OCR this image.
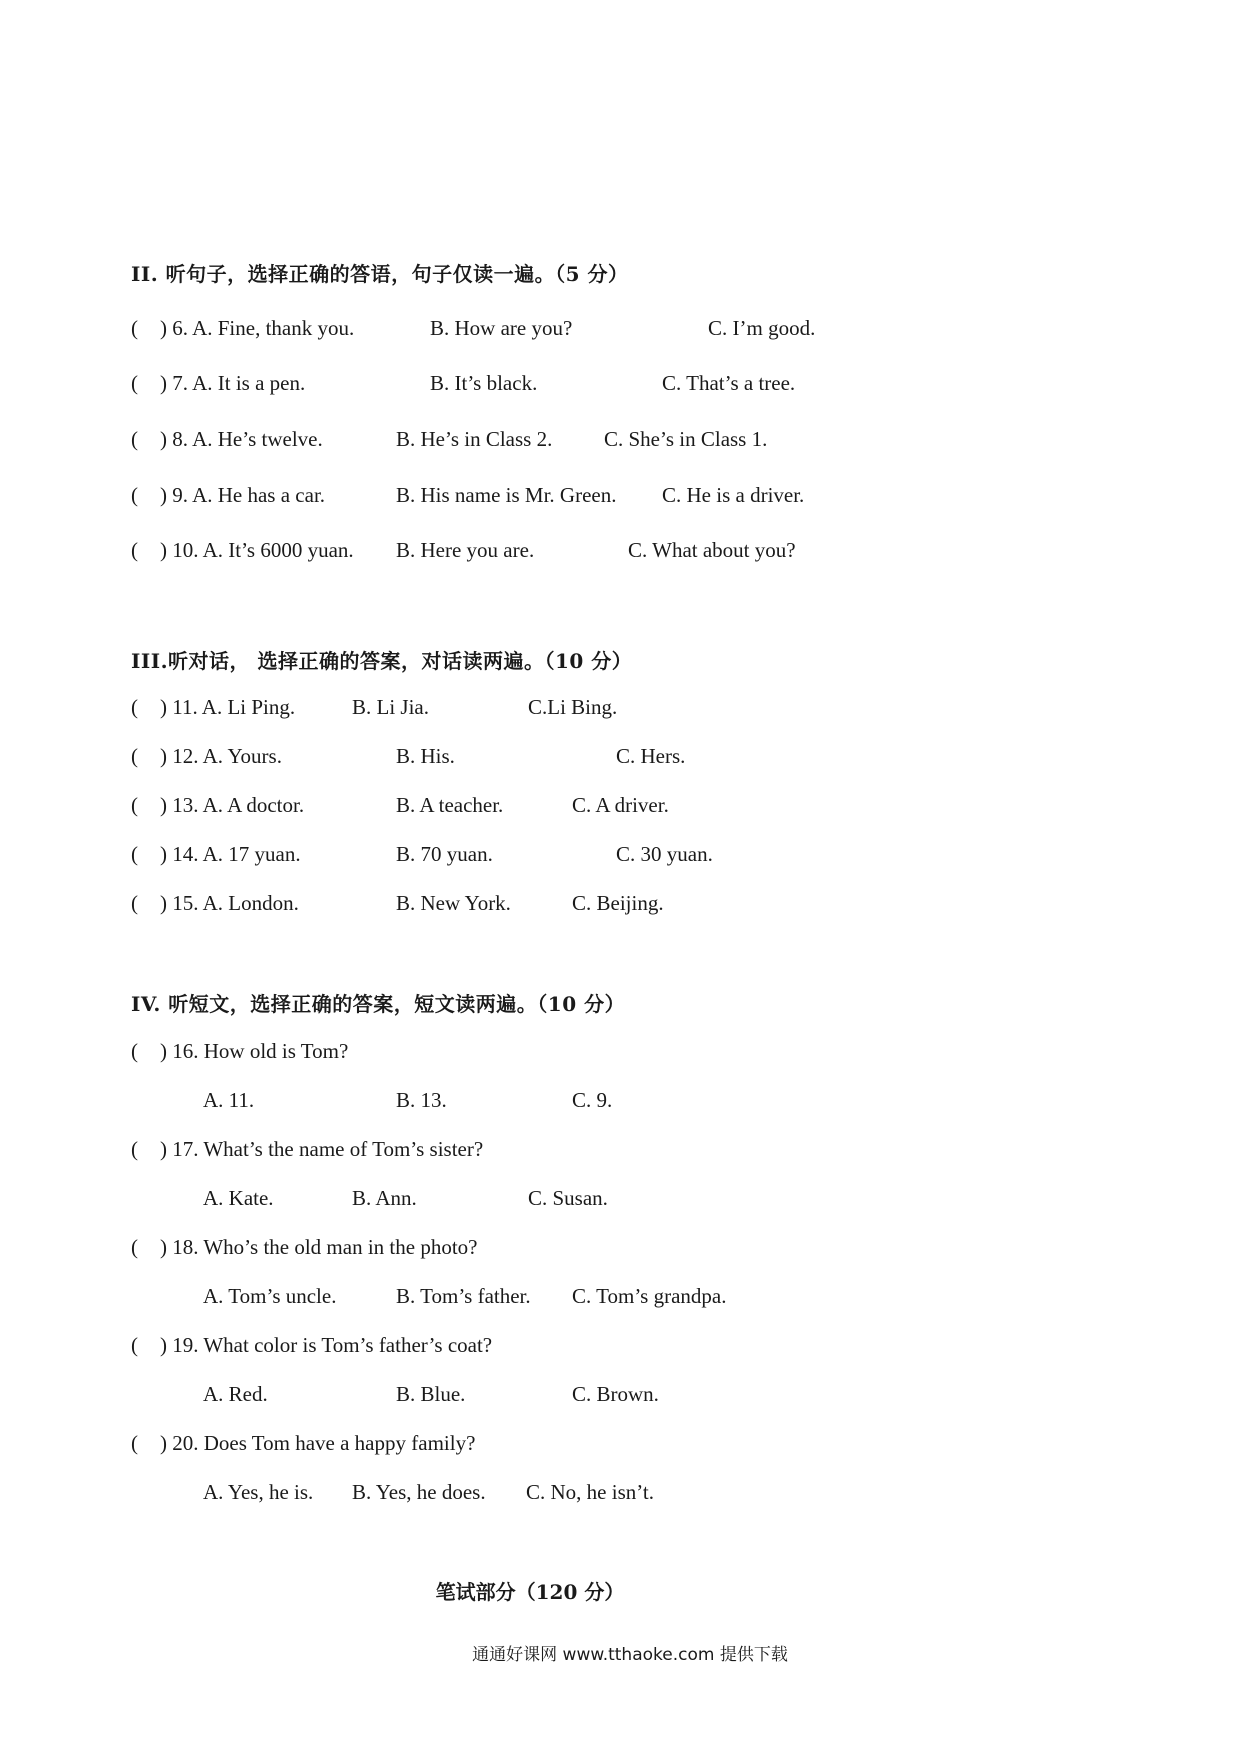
II. 听句子，选择正确的答语，句子仅读一遍。（5 分）
( ) 6. A. Fine, thank you.	B. How are you?	C. I’m good.
( ) 7. A. It is a pen.	B. It’s black.	C. That’s a tree.
( ) 8. A. He’s twelve.	B. He’s in Class 2. C. She’s in Class 1.
( ) 9. A. He has a car.	B. His name is Mr. Green. C. He is a driver.
( ) 10. A. It’s 6000 yuan. B. Here you are.	C. What about you?
III.听对话， 选择正确的答案，对话读两遍。（10 分）
( ) 11. A. Li Ping.	B. Li Jia.	C.Li Bing.
( ) 12. A. Yours.	B. His.	C. Hers.
( ) 13. A. A doctor.	B. A teacher.	C. A driver.
( ) 14. A. 17 yuan.	B. 70 yuan.	C. 30 yuan.
( ) 15. A. London.	B. New York.	C. Beijing.
IV. 听短文，选择正确的答案，短文读两遍。（10 分）
( ) 16. How old is Tom?
A. 11.	B. 13.	C. 9.
( ) 17. What’s the name of Tom’s sister?
A. Kate.	B. Ann.	C. Susan.
( ) 18. Who’s the old man in the photo?
A. Tom’s uncle.	B. Tom’s father. C. Tom’s grandpa.
( ) 19. What color is Tom’s father’s coat?
A. Red.	B. Blue.	C. Brown.
( ) 20. Does Tom have a happy family?
A. Yes, he is. B. Yes, he does. C. No, he isn’t.
笔试部分（120 分）
通通好课网 www.tthaoke.com 提供下载
